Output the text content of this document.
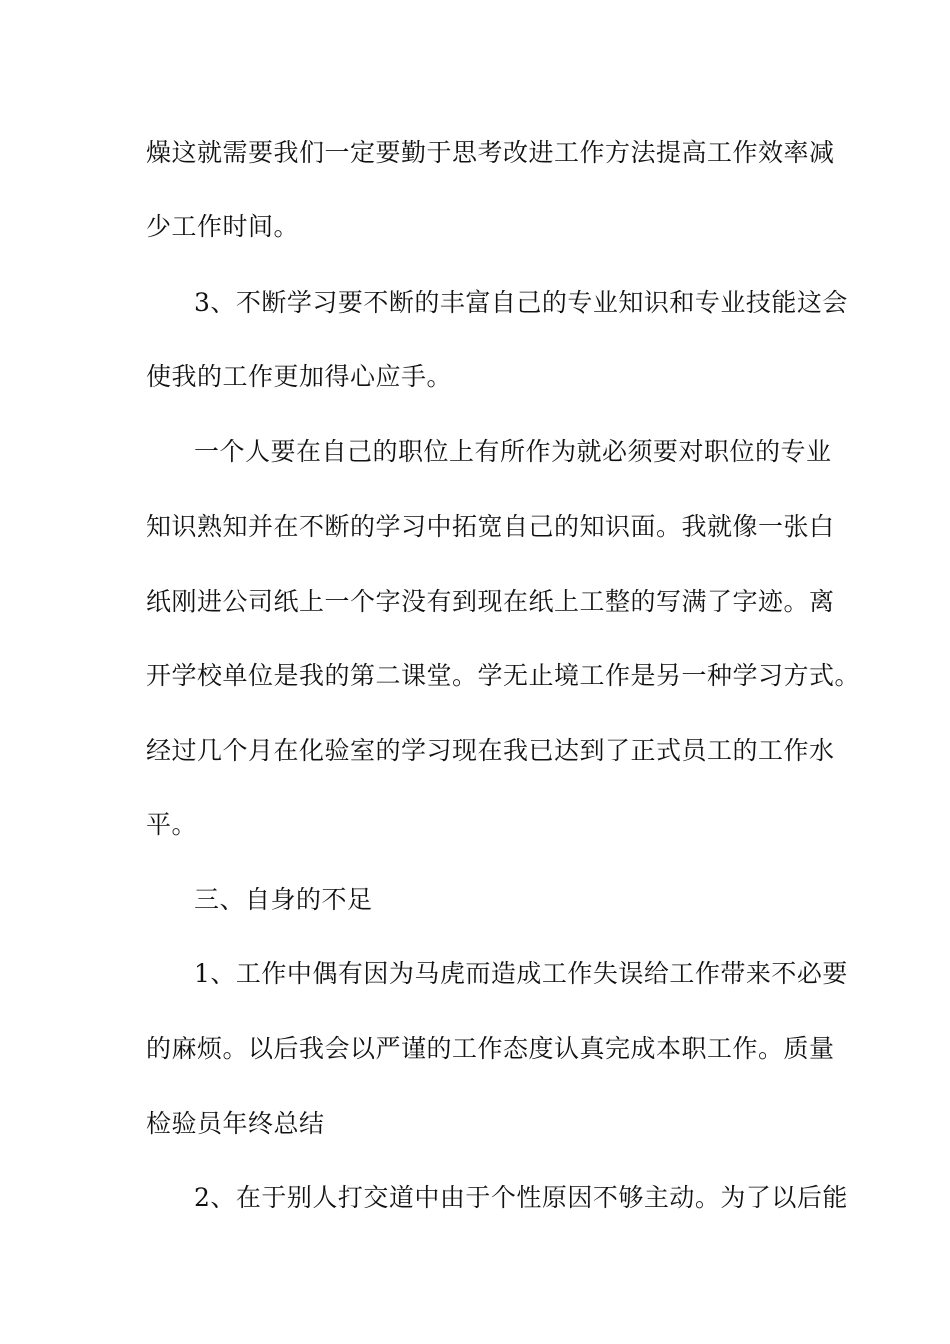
燥这就需要我们一定要勤于思考改进工作方法提高工作效率减
少工作时间。
3、不断学习要不断的丰富自己的专业知识和专业技能这会
使我的工作更加得心应手。
一个人要在自己的职位上有所作为就必须要对职位的专业
知识熟知并在不断的学习中拓宽自己的知识面。我就像一张白
纸刚进公司纸上一个字没有到现在纸上工整的写满了字迹。离
开学校单位是我的第二课堂。学无止境工作是另一种学习方式。
经过几个月在化验室的学习现在我已达到了正式员工的工作水
平。
三、自身的不足
1、工作中偶有因为马虎而造成工作失误给工作带来不必要
的麻烦。以后我会以严谨的工作态度认真完成本职工作。质量
检验员年终总结
2、在于别人打交道中由于个性原因不够主动。为了以后能
